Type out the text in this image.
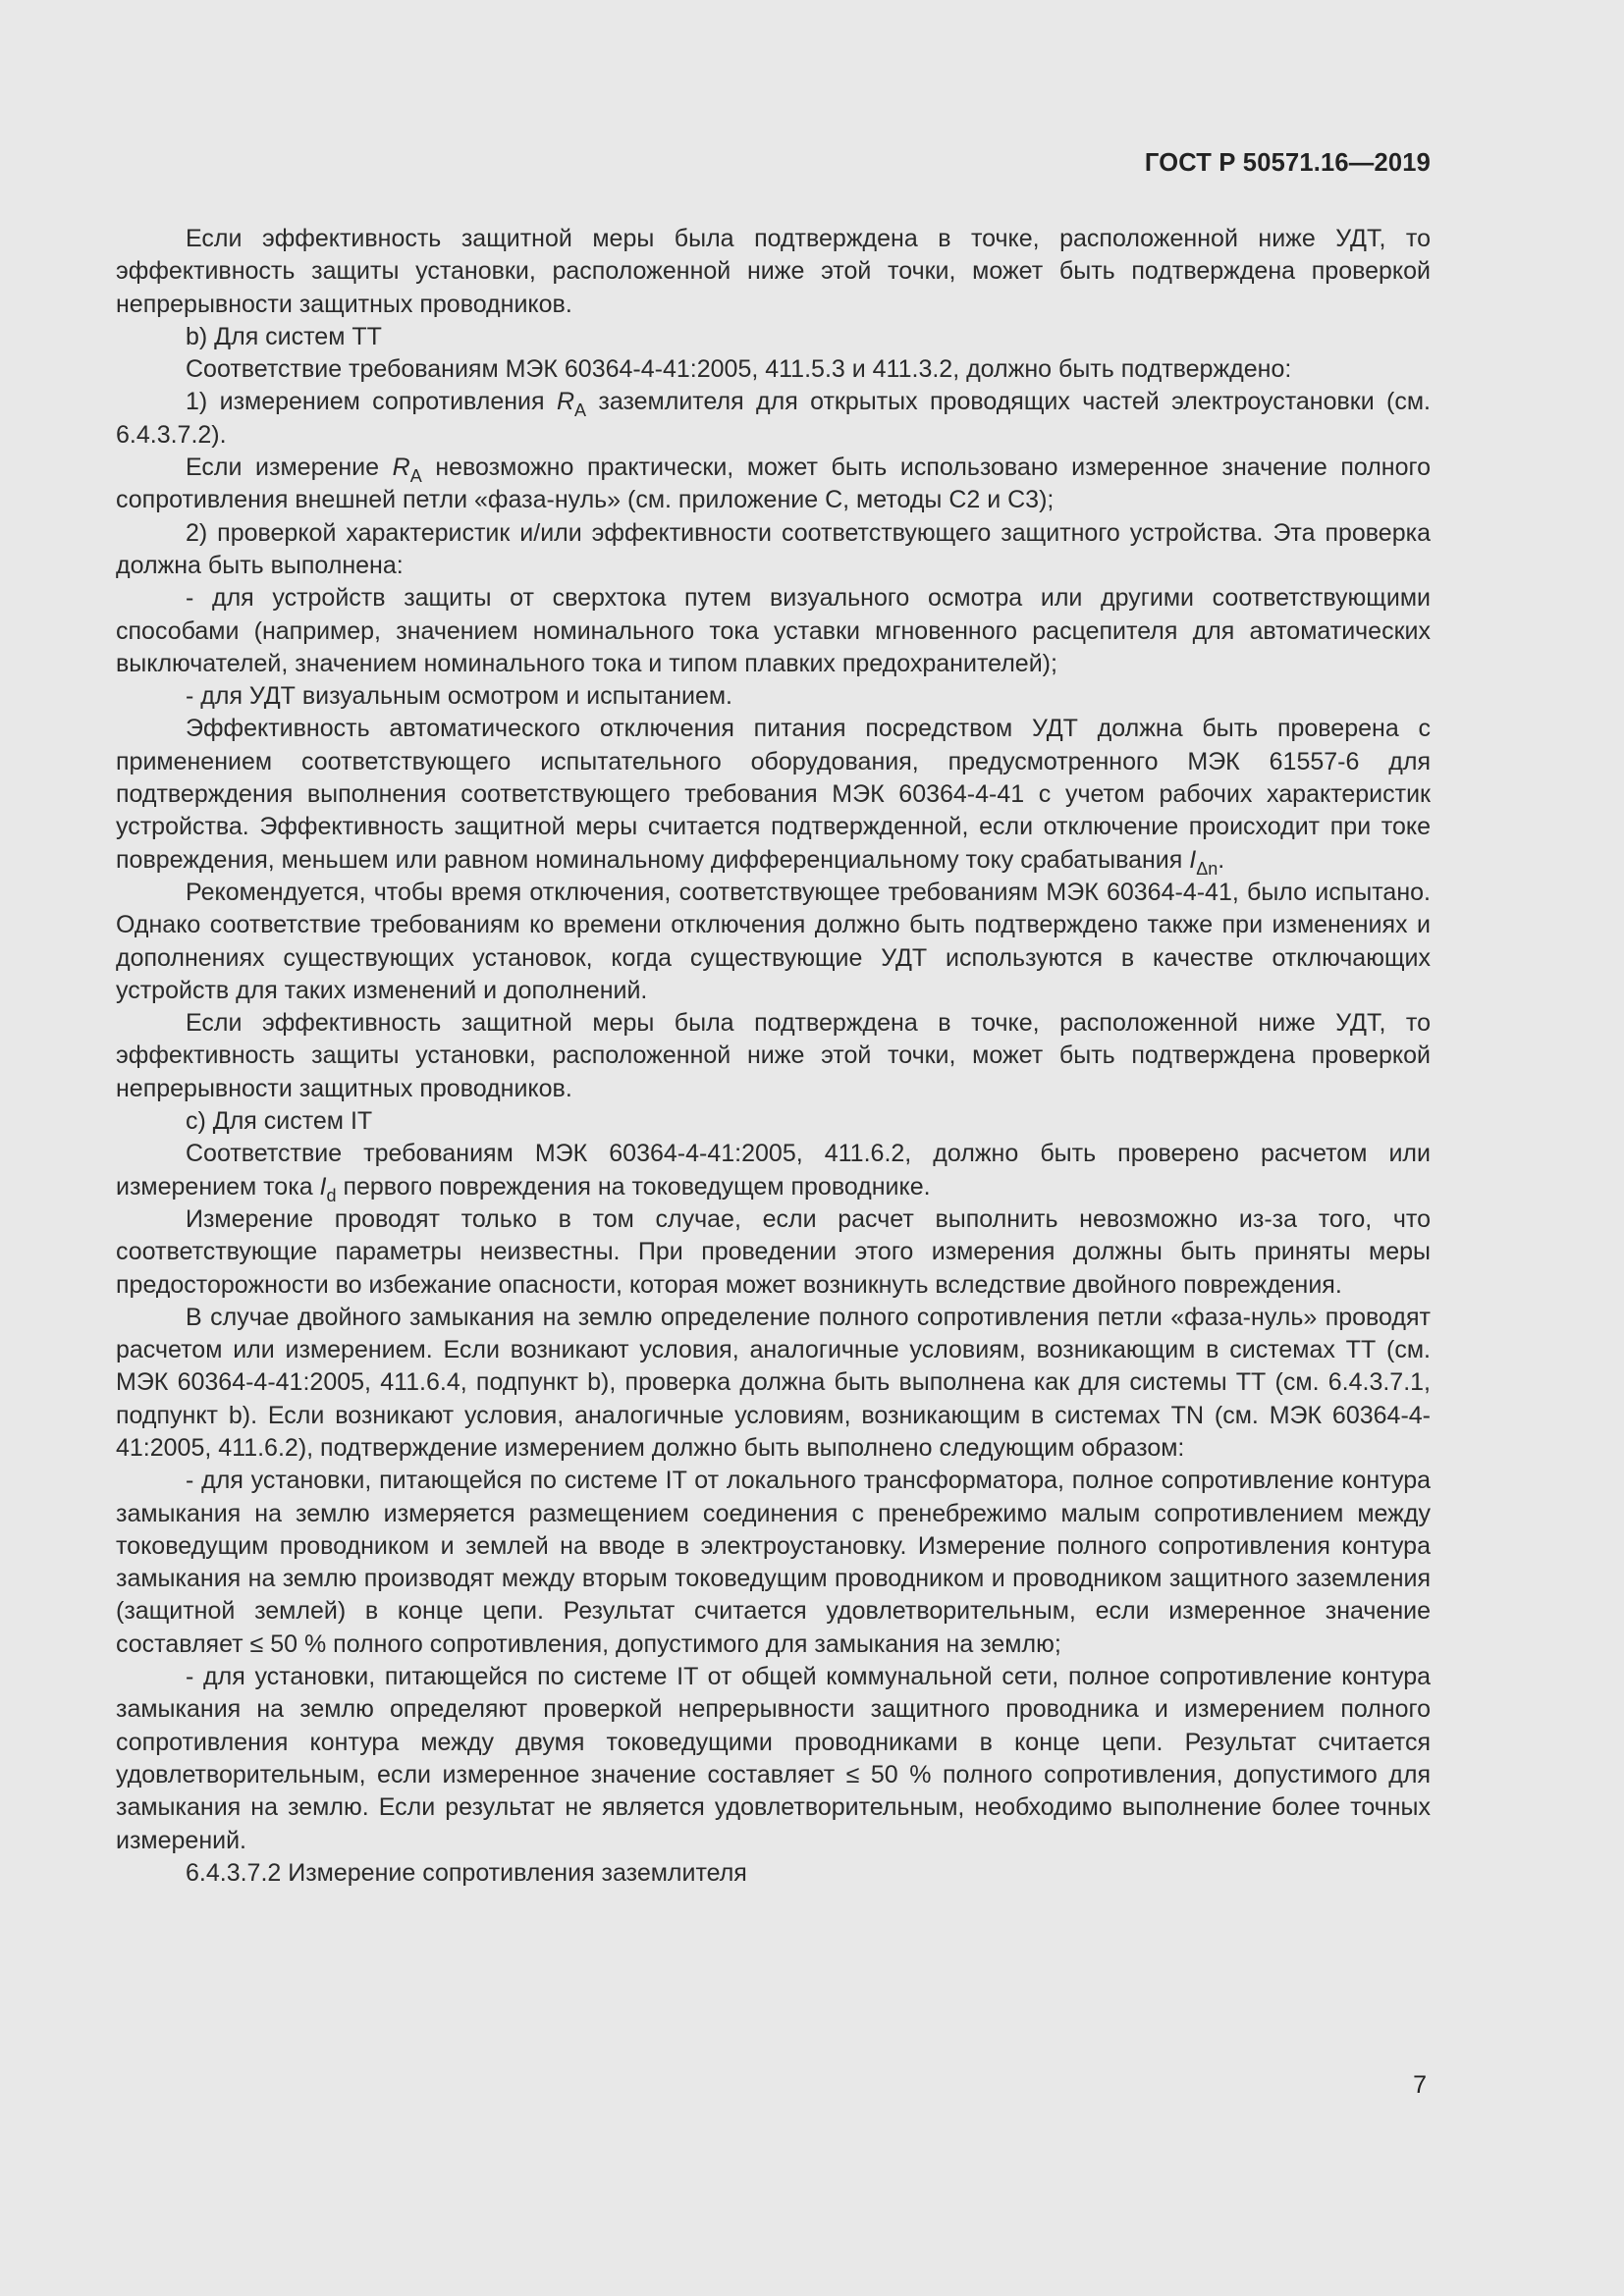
ГОСТ Р 50571.16—2019

Если эффективность защитной меры была подтверждена в точке, расположенной ниже УДТ, то эффективность защиты установки, расположенной ниже этой точки, может быть подтверждена проверкой непрерывности защитных проводников.

b) Для систем ТТ

Соответствие требованиям МЭК 60364-4-41:2005, 411.5.3 и 411.3.2, должно быть подтверждено:

1) измерением сопротивления $R_A$ заземлителя для открытых проводящих частей электроустановки (см. 6.4.3.7.2).

Если измерение $R_A$ невозможно практически, может быть использовано измеренное значение полного сопротивления внешней петли «фаза-нуль» (см. приложение С, методы С2 и С3);

2) проверкой характеристик и/или эффективности соответствующего защитного устройства. Эта проверка должна быть выполнена:

- для устройств защиты от сверхтока путем визуального осмотра или другими соответствующими способами (например, значением номинального тока уставки мгновенного расцепителя для автоматических выключателей, значением номинального тока и типом плавких предохранителей);

- для УДТ визуальным осмотром и испытанием.

Эффективность автоматического отключения питания посредством УДТ должна быть проверена с применением соответствующего испытательного оборудования, предусмотренного МЭК 61557-6 для подтверждения выполнения соответствующего требования МЭК 60364-4-41 с учетом рабочих характеристик устройства. Эффективность защитной меры считается подтвержденной, если отключение происходит при токе повреждения, меньшем или равном номинальному дифференциальному току срабатывания $I_{\Delta n}$.

Рекомендуется, чтобы время отключения, соответствующее требованиям МЭК 60364-4-41, было испытано. Однако соответствие требованиям ко времени отключения должно быть подтверждено также при изменениях и дополнениях существующих установок, когда существующие УДТ используются в качестве отключающих устройств для таких изменений и дополнений.

Если эффективность защитной меры была подтверждена в точке, расположенной ниже УДТ, то эффективность защиты установки, расположенной ниже этой точки, может быть подтверждена проверкой непрерывности защитных проводников.

с) Для систем IT

Соответствие требованиям МЭК 60364-4-41:2005, 411.6.2, должно быть проверено расчетом или измерением тока $I_d$ первого повреждения на токоведущем проводнике.

Измерение проводят только в том случае, если расчет выполнить невозможно из-за того, что соответствующие параметры неизвестны. При проведении этого измерения должны быть приняты меры предосторожности во избежание опасности, которая может возникнуть вследствие двойного повреждения.

В случае двойного замыкания на землю определение полного сопротивления петли «фаза-нуль» проводят расчетом или измерением. Если возникают условия, аналогичные условиям, возникающим в системах ТТ (см. МЭК 60364-4-41:2005, 411.6.4, подпункт b), проверка должна быть выполнена как для системы ТТ (см. 6.4.3.7.1, подпункт b). Если возникают условия, аналогичные условиям, возникающим в системах TN (см. МЭК 60364-4-41:2005, 411.6.2), подтверждение измерением должно быть выполнено следующим образом:

- для установки, питающейся по системе IT от локального трансформатора, полное сопротивление контура замыкания на землю измеряется размещением соединения с пренебрежимо малым сопротивлением между токоведущим проводником и землей на вводе в электроустановку. Измерение полного сопротивления контура замыкания на землю производят между вторым токоведущим проводником и проводником защитного заземления (защитной землей) в конце цепи. Результат считается удовлетворительным, если измеренное значение составляет ≤ 50 % полного сопротивления, допустимого для замыкания на землю;

- для установки, питающейся по системе IT от общей коммунальной сети, полное сопротивление контура замыкания на землю определяют проверкой непрерывности защитного проводника и измерением полного сопротивления контура между двумя токоведущими проводниками в конце цепи. Результат считается удовлетворительным, если измеренное значение составляет ≤ 50 % полного сопротивления, допустимого для замыкания на землю. Если результат не является удовлетворительным, необходимо выполнение более точных измерений.

6.4.3.7.2 Измерение сопротивления заземлителя

7
